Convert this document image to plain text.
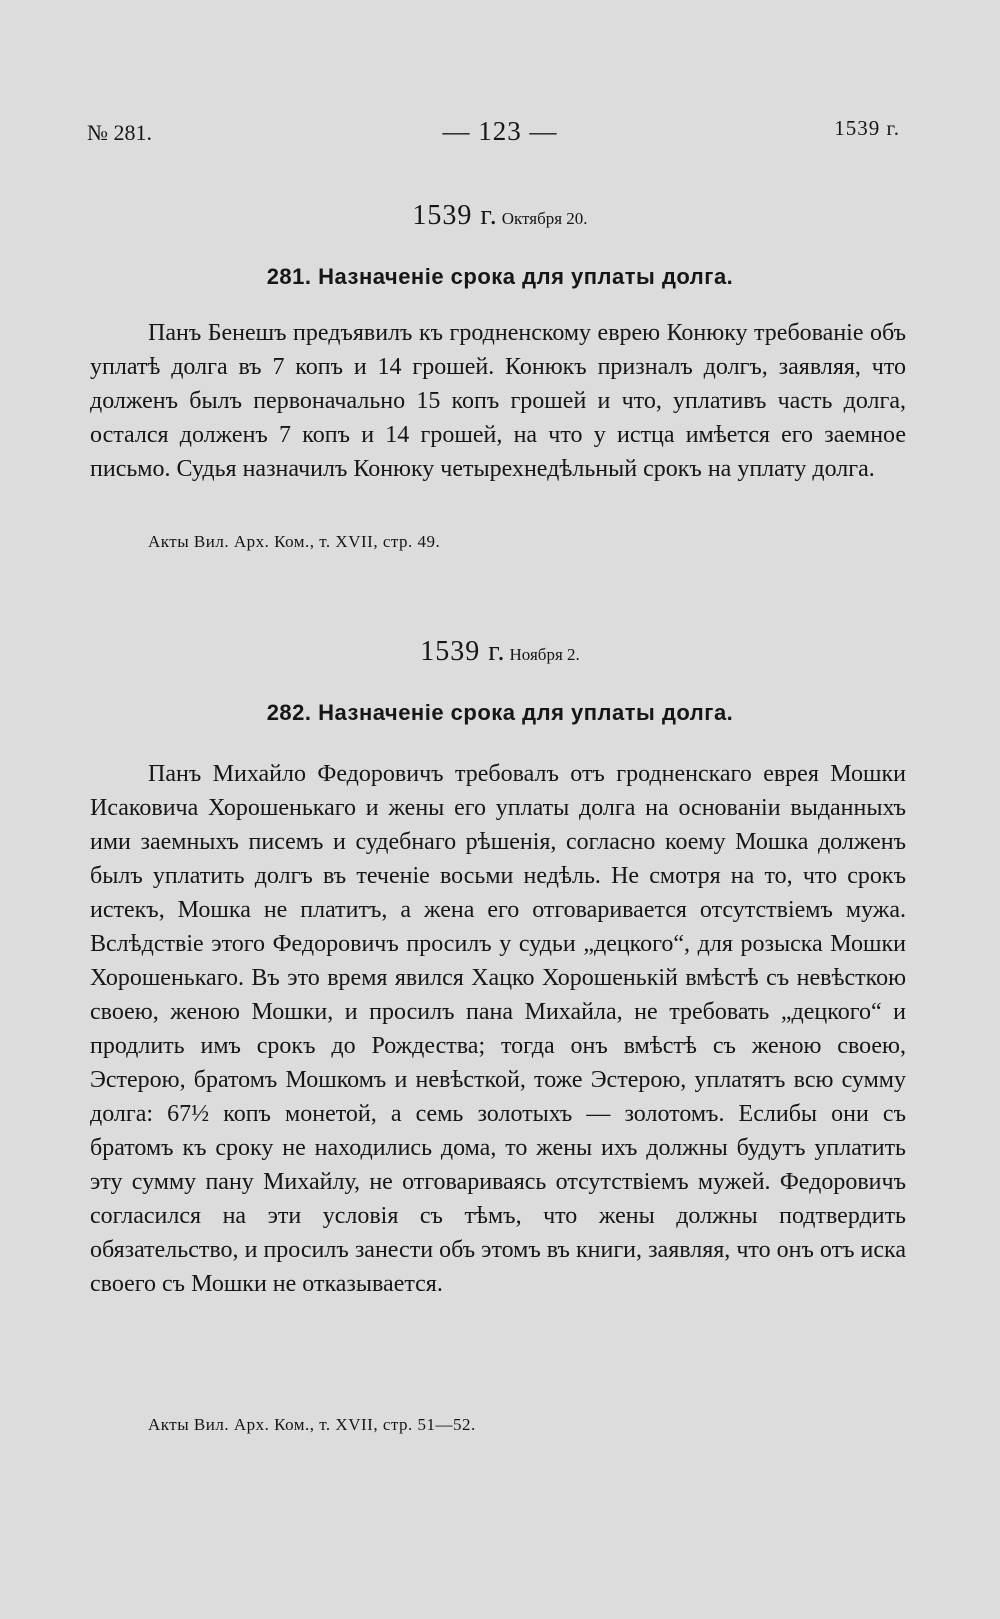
№ 281.	— 123 —	1539 г.
1539 г. Октября 20.
281. Назначенiе срока для уплаты долга.

Панъ Бенешъ предъявилъ къ гродненскому еврею Конюку требованiе объ уплатѣ долга въ 7 копъ и 14 грошей. Конюкъ призналъ долгъ, заявляя, что долженъ былъ первоначально 15 копъ грошей и что, уплативъ часть долга, остался долженъ 7 копъ и 14 грошей, на что у истца имѣется его заемное письмо. Судья назначилъ Конюку четырехнедѣльный срокъ на уплату долга.

Акты Вил. Арх. Ком., т. XVII, стр. 49.
1539 г. Ноября 2.
282. Назначенiе срока для уплаты долга.

Панъ Михайло Федоровичъ требовалъ отъ гродненскаго еврея Мошки Исаковича Хорошенькаго и жены его уплаты долга на основанiи выданныхъ ими заемныхъ писемъ и судебнаго рѣшенiя, согласно коему Мошка долженъ былъ уплатить долгъ въ теченiе восьми недѣль. Не смотря на то, что срокъ истекъ, Мошка не платитъ, а жена его отговаривается отсутствiемъ мужа. Вслѣдствiе этого Федоровичъ просилъ у судьи „децкого“, для розыска Мошки Хорошенькаго. Въ это время явился Хацко Хорошенькiй вмѣстѣ съ невѣсткою своею, женою Мошки, и просилъ пана Михайла, не требовать „децкого“ и продлить имъ срокъ до Рождества; тогда онъ вмѣстѣ съ женою своею, Эстерою, братомъ Мошкомъ и невѣсткой, тоже Эстерою, уплатятъ всю сумму долга: 67½ копъ монетой, а семь золотыхъ — золотомъ. Еслибы они съ братомъ къ сроку не находились дома, то жены ихъ должны будутъ уплатить эту сумму пану Михайлу, не отговариваясь отсутствiемъ мужей. Федоровичъ согласился на эти условiя съ тѣмъ, что жены должны подтвердить обязательство, и просилъ занести объ этомъ въ книги, заявляя, что онъ отъ иска своего съ Мошки не отказывается.

Акты Вил. Арх. Ком., т. XVII, стр. 51—52.
